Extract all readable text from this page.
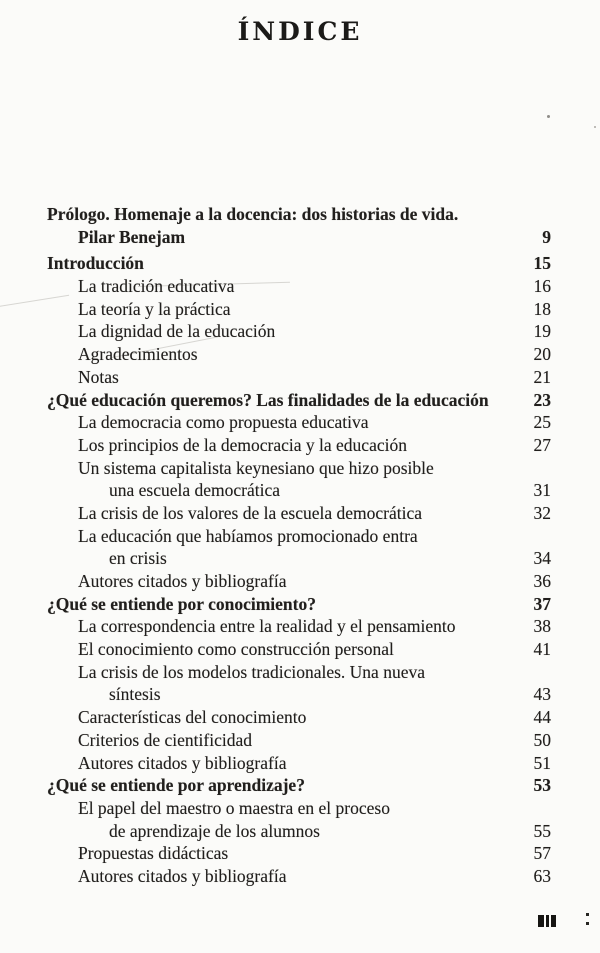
ÍNDICE
Prólogo. Homenaje a la docencia: dos historias de vida.
Pilar Benejam	9
Introducción	15
La tradición educativa	16
La teoría y la práctica	18
La dignidad de la educación	19
Agradecimientos	20
Notas	21
¿Qué educación queremos? Las finalidades de la educación	23
La democracia como propuesta educativa	25
Los principios de la democracia y la educación	27
Un sistema capitalista keynesiano que hizo posible
una escuela democrática	31
La crisis de los valores de la escuela democrática	32
La educación que habíamos promocionado entra
en crisis	34
Autores citados y bibliografía	36
¿Qué se entiende por conocimiento?	37
La correspondencia entre la realidad y el pensamiento	38
El conocimiento como construcción personal	41
La crisis de los modelos tradicionales. Una nueva
síntesis	43
Características del conocimiento	44
Criterios de cientificidad	50
Autores citados y bibliografía	51
¿Qué se entiende por aprendizaje?	53
El papel del maestro o maestra en el proceso
de aprendizaje de los alumnos	55
Propuestas didácticas	57
Autores citados y bibliografía	63
